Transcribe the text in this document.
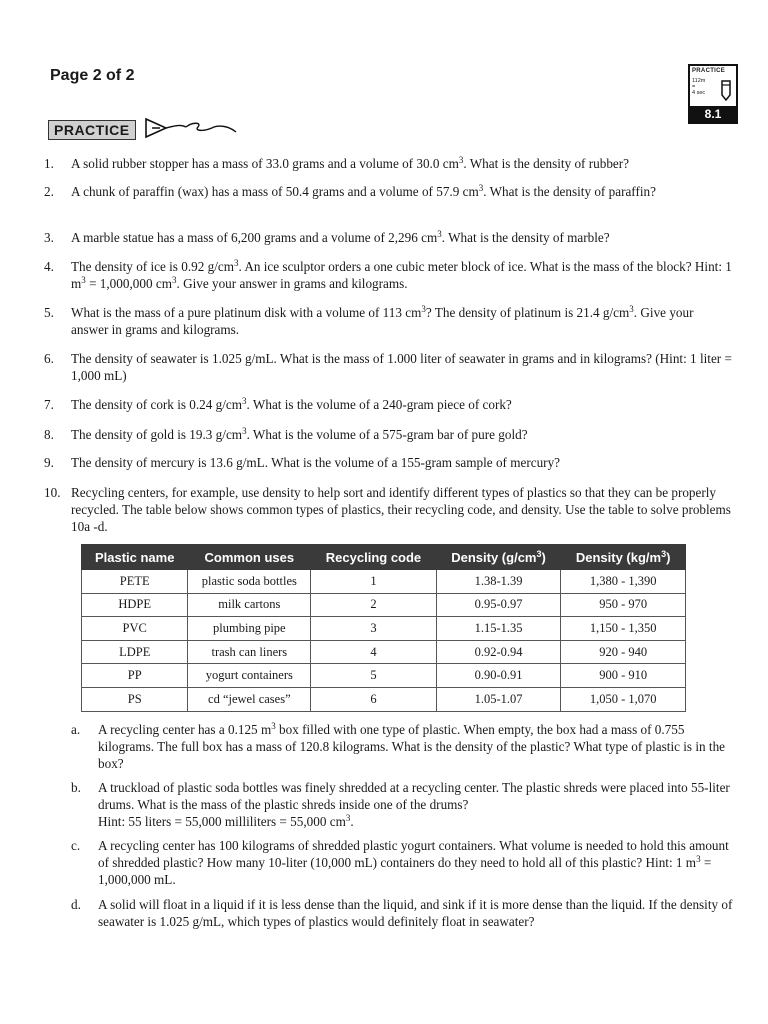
Page 2 of 2	PRACTICE
112m
=
4 sec
8.1
PRACTICE
1. A solid rubber stopper has a mass of 33.0 grams and a volume of 30.0 $cm^3$. What is the density of rubber?
2. A chunk of paraffin (wax) has a mass of 50.4 grams and a volume of 57.9 $cm^3$. What is the density of paraffin?
3. A marble statue has a mass of 6,200 grams and a volume of 2,296 $cm^3$. What is the density of marble?
4. The density of ice is 0.92 $g/cm^3$. An ice sculptor orders a one cubic meter block of ice. What is the mass of the block? Hint: 1 $m^3 = 1,000,000$ $cm^3$. Give your answer in grams and kilograms.
5. What is the mass of a pure platinum disk with a volume of 113 $cm^3$? The density of platinum is 21.4 $g/cm^3$. Give your answer in grams and kilograms.
6. The density of seawater is 1.025 g/mL. What is the mass of 1.000 liter of seawater in grams and in kilograms? (Hint: 1 liter = 1,000 mL)
7. The density of cork is 0.24 $g/cm^3$. What is the volume of a 240-gram piece of cork?
8. The density of gold is 19.3 $g/cm^3$. What is the volume of a 575-gram bar of pure gold?
9. The density of mercury is 13.6 g/mL. What is the volume of a 155-gram sample of mercury?
10. Recycling centers, for example, use density to help sort and identify different types of plastics so that they can be properly recycled. The table below shows common types of plastics, their recycling code, and density. Use the table to solve problems 10a -d.
Plastic name	Common uses	Recycling code	Density $(g/cm^3)$	Density $(kg/m^3)$
PETE	plastic soda bottles	1	1.38-1.39	1,380 - 1,390
HDPE	milk cartons	2	0.95-0.97	950 - 970
PVC	plumbing pipe	3	1.15-1.35	1,150 - 1,350
LDPE	trash can liners	4	0.92-0.94	920 - 940
PP	yogurt containers	5	0.90-0.91	900 - 910
PS	cd “jewel cases”	6	1.05-1.07	1,050 - 1,070
a. A recycling center has a 0.125 $m^3$ box filled with one type of plastic. When empty, the box had a mass of 0.755 kilograms. The full box has a mass of 120.8 kilograms. What is the density of the plastic? What type of plastic is in the box?
b. A truckload of plastic soda bottles was finely shredded at a recycling center. The plastic shreds were placed into 55-liter drums. What is the mass of the plastic shreds inside one of the drums?
Hint: 55 liters = 55,000 milliliters = 55,000 $cm^3$.
c. A recycling center has 100 kilograms of shredded plastic yogurt containers. What volume is needed to hold this amount of shredded plastic? How many 10-liter (10,000 mL) containers do they need to hold all of this plastic? Hint: 1 $m^3 = 1,000,000$ mL.
d. A solid will float in a liquid if it is less dense than the liquid, and sink if it is more dense than the liquid. If the density of seawater is 1.025 g/mL, which types of plastics would definitely float in seawater?
